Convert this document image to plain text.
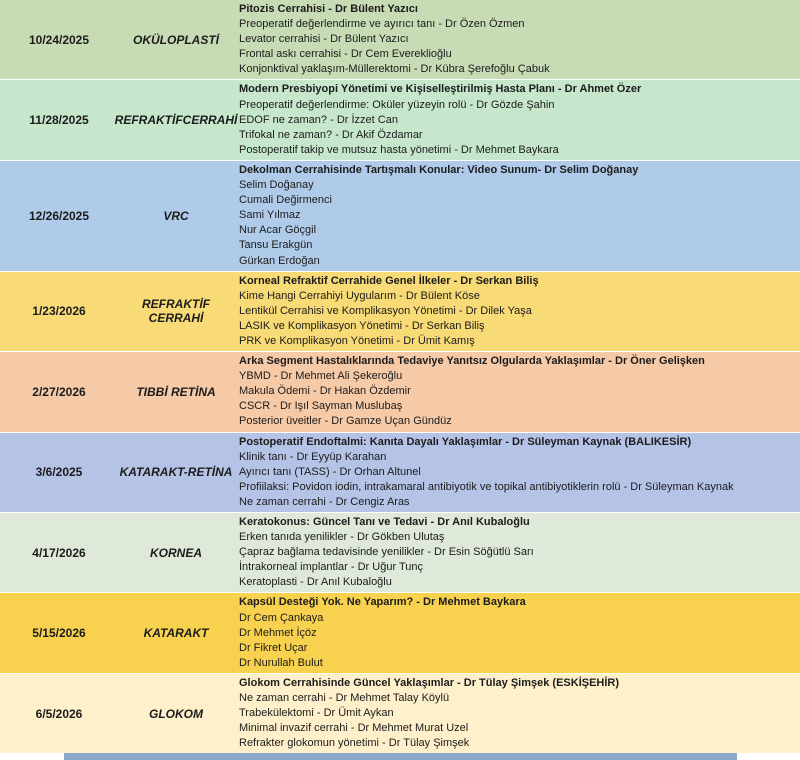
10/24/2025	OKÜLOPLASTİ
Pitozis Cerrahisi - Dr Bülent Yazıcı
Preoperatif değerlendirme ve ayırıcı tanı - Dr Özen Özmen
Levator cerrahisi - Dr Bülent Yazıcı
Frontal askı cerrahisi - Dr Cem Evereklioğlu
Konjonktival yaklaşım-Müllerektomi - Dr Kübra Şerefoğlu Çabuk
11/28/2025	REFRAKTİFCERRAHİ
Modern Presbiyopi Yönetimi ve Kişiselleştirilmiş Hasta Planı - Dr Ahmet Özer
Preoperatif değerlendirme: Oküler yüzeyin rolü - Dr Gözde Şahin
EDOF ne zaman? - Dr İzzet Can
Trifokal ne zaman? - Dr Akif Özdamar
Postoperatif takip ve mutsuz hasta yönetimi - Dr Mehmet Baykara
12/26/2025	VRC
Dekolman Cerrahisinde Tartışmalı Konular: Video Sunum- Dr Selim Doğanay
Selim Doğanay
Cumali Değirmenci
Sami Yılmaz
Nur Acar Göçgil
Tansu Erakgün
Gürkan Erdoğan
1/23/2026	REFRAKTİF CERRAHİ
Korneal Refraktif Cerrahide Genel İlkeler - Dr Serkan Biliş
Kime Hangi Cerrahiyi Uygularım - Dr Bülent Köse
Lentikül Cerrahisi ve Komplikasyon Yönetimi - Dr Dilek Yaşa
LASIK ve Komplikasyon Yönetimi - Dr Serkan Biliş
PRK ve Komplikasyon Yönetimi - Dr Ümit Kamış
2/27/2026	TIBBİ RETİNA
Arka Segment Hastalıklarında Tedaviye Yanıtsız Olgularda Yaklaşımlar - Dr Öner Gelişken
YBMD - Dr Mehmet Ali Şekeroğlu
Makula Ödemi - Dr Hakan Özdemir
CSCR - Dr Işıl Sayman Muslubaş
Posterior üveitler - Dr Gamze Uçan Gündüz
3/6/2025	KATARAKT-RETİNA
Postoperatif Endoftalmi: Kanıta Dayalı Yaklaşımlar - Dr Süleyman Kaynak (BALIKESİR)
Klinik tanı - Dr Eyyüp Karahan
Ayırıcı tanı (TASS) - Dr Orhan Altunel
Profiilaksi: Povidon iodin, intrakamaral antibiyotik ve topikal antibiyotiklerin rolü - Dr Süleyman Kaynak
Ne zaman cerrahi - Dr Cengiz Aras
4/17/2026	KORNEA
Keratokonus: Güncel Tanı ve Tedavi - Dr Anıl Kubaloğlu
Erken tanıda yenilikler - Dr Gökben Ulutaş
Çapraz bağlama tedavisinde yenilikler - Dr Esin Söğütlü Sarı
İntrakorneal implantlar - Dr Uğur Tunç
Keratoplasti - Dr Anıl Kubaloğlu
5/15/2026	KATARAKT
Kapsül Desteği Yok. Ne Yaparım? - Dr Mehmet Baykara
Dr Cem Çankaya
Dr Mehmet İçöz
Dr Fikret Uçar
Dr Nurullah Bulut
6/5/2026	GLOKOM
Glokom Cerrahisinde Güncel Yaklaşımlar - Dr Tülay Şimşek (ESKİŞEHİR)
Ne zaman cerrahi - Dr Mehmet Talay Köylü
Trabekülektomi - Dr Ümit Aykan
Minimal invazif cerrahi - Dr Mehmet Murat Uzel
Refrakter glokomun yönetimi - Dr Tülay Şimşek
